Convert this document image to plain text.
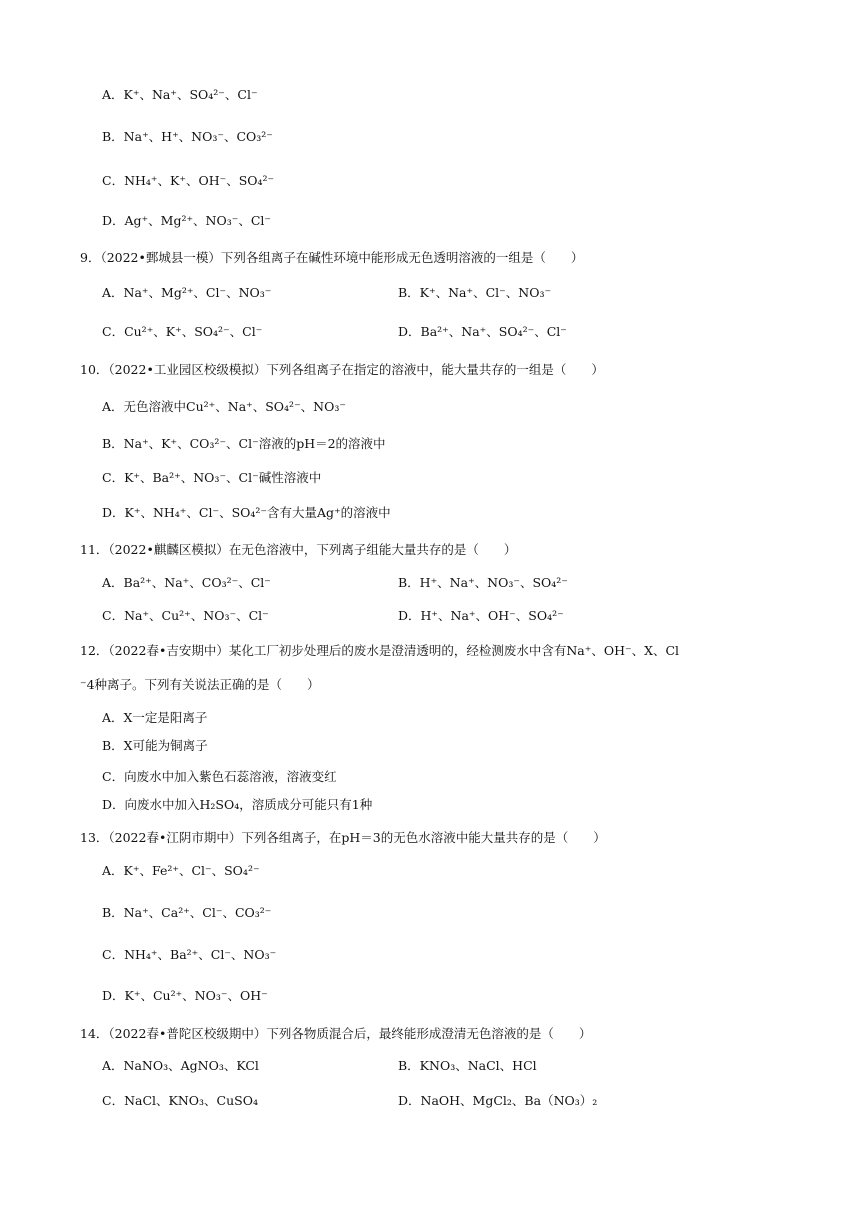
A．K⁺、Na⁺、SO₄²⁻、Cl⁻
B．Na⁺、H⁺、NO₃⁻、CO₃²⁻
C．NH₄⁺、K⁺、OH⁻、SO₄²⁻
D．Ag⁺、Mg²⁺、NO₃⁻、Cl⁻
9．（2022•鄄城县一模）下列各组离子在碱性环境中能形成无色透明溶液的一组是（　　）
A．Na⁺、Mg²⁺、Cl⁻、NO₃⁻	B．K⁺、Na⁺、Cl⁻、NO₃⁻
C．Cu²⁺、K⁺、SO₄²⁻、Cl⁻	D．Ba²⁺、Na⁺、SO₄²⁻、Cl⁻
10．（2022•工业园区校级模拟）下列各组离子在指定的溶液中，能大量共存的一组是（　　）
A．无色溶液中Cu²⁺、Na⁺、SO₄²⁻、NO₃⁻
B．Na⁺、K⁺、CO₃²⁻、Cl⁻溶液的pH＝2的溶液中
C．K⁺、Ba²⁺、NO₃⁻、Cl⁻碱性溶液中
D．K⁺、NH₄⁺、Cl⁻、SO₄²⁻含有大量Ag⁺的溶液中
11．（2022•麒麟区模拟）在无色溶液中，下列离子组能大量共存的是（　　）
A．Ba²⁺、Na⁺、CO₃²⁻、Cl⁻	B．H⁺、Na⁺、NO₃⁻、SO₄²⁻
C．Na⁺、Cu²⁺、NO₃⁻、Cl⁻	D．H⁺、Na⁺、OH⁻、SO₄²⁻
12．（2022春•吉安期中）某化工厂初步处理后的废水是澄清透明的，经检测废水中含有Na⁺、OH⁻、X、Cl
⁻4种离子。下列有关说法正确的是（　　）
A．X一定是阳离子
B．X可能为铜离子
C．向废水中加入紫色石蕊溶液，溶液变红
D．向废水中加入H₂SO₄，溶质成分可能只有1种
13．（2022春•江阴市期中）下列各组离子，在pH＝3的无色水溶液中能大量共存的是（　　）
A．K⁺、Fe²⁺、Cl⁻、SO₄²⁻
B．Na⁺、Ca²⁺、Cl⁻、CO₃²⁻
C．NH₄⁺、Ba²⁺、Cl⁻、NO₃⁻
D．K⁺、Cu²⁺、NO₃⁻、OH⁻
14．（2022春•普陀区校级期中）下列各物质混合后，最终能形成澄清无色溶液的是（　　）
A．NaNO₃、AgNO₃、KCl	B．KNO₃、NaCl、HCl
C．NaCl、KNO₃、CuSO₄	D．NaOH、MgCl₂、Ba（NO₃）₂
